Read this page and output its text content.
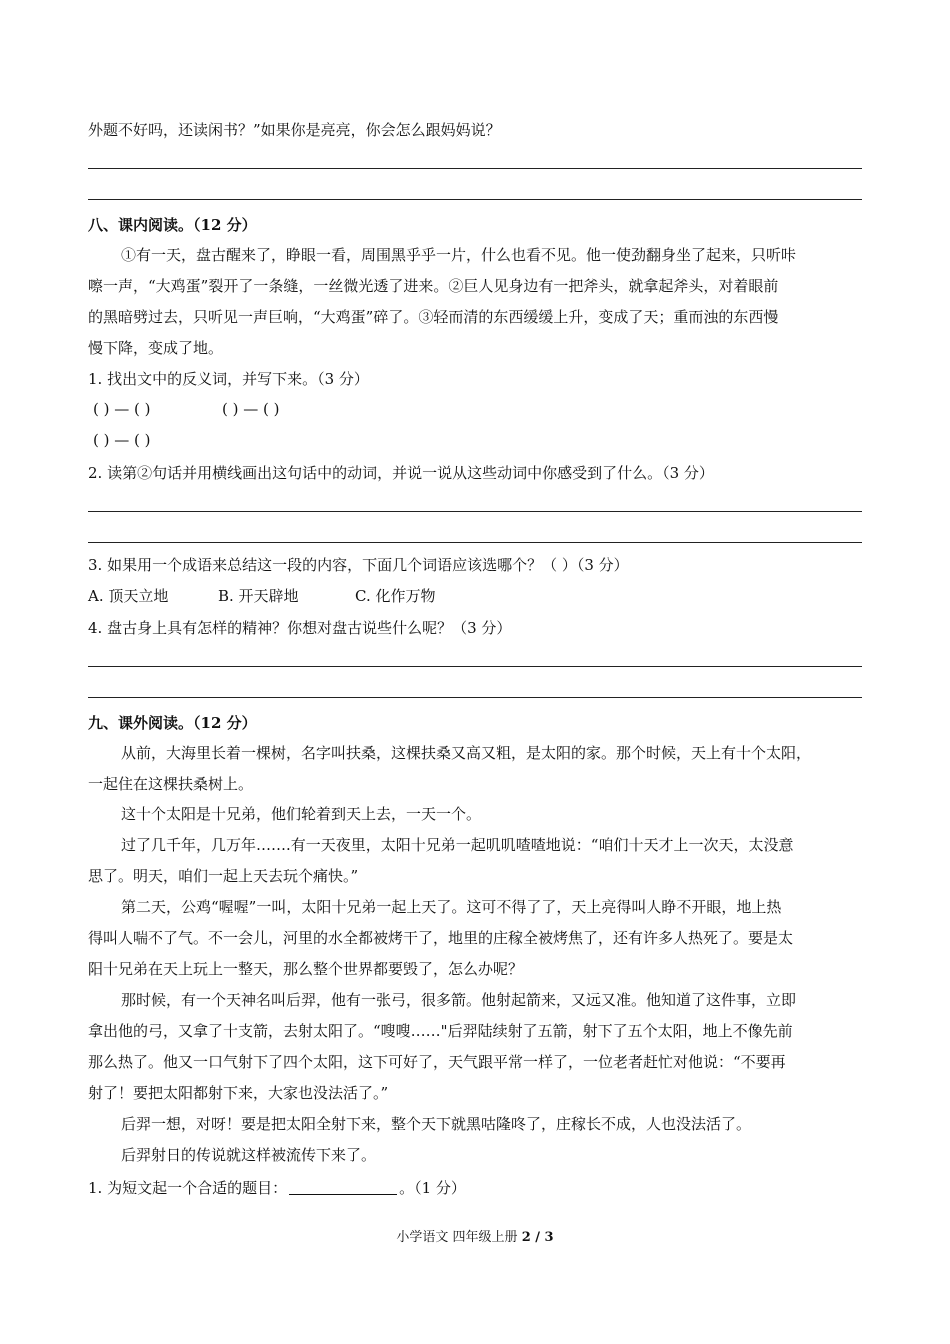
外题不好吗，还读闲书？”如果你是亮亮，你会怎么跟妈妈说？
八、课内阅读。（12 分）
①有一天，盘古醒来了，睁眼一看，周围黑乎乎一片，什么也看不见。他一使劲翻身坐了起来，只听咔
嚓一声，“大鸡蛋”裂开了一条缝，一丝微光透了进来。②巨人见身边有一把斧头，就拿起斧头，对着眼前
的黑暗劈过去，只听见一声巨响，“大鸡蛋”碎了。③轻而清的东西缓缓上升，变成了天；重而浊的东西慢
慢下降，变成了地。
1. 找出文中的反义词，并写下来。（3 分）
( ) — ( )	( ) — ( )
( ) — ( )
2. 读第②句话并用横线画出这句话中的动词，并说一说从这些动词中你感受到了什么。（3 分）
3. 如果用一个成语来总结这一段的内容，下面几个词语应该选哪个？（ ）（3 分）
A. 顶天立地	B. 开天辟地	C. 化作万物
4. 盘古身上具有怎样的精神？你想对盘古说些什么呢？（3 分）
九、课外阅读。（12 分）
从前，大海里长着一棵树，名字叫扶桑，这棵扶桑又高又粗，是太阳的家。那个时候，天上有十个太阳，
一起住在这棵扶桑树上。
这十个太阳是十兄弟，他们轮着到天上去，一天一个。
过了几千年，几万年…….有一天夜里，太阳十兄弟一起叽叽喳喳地说：“咱们十天才上一次天，太没意
思了。明天，咱们一起上天去玩个痛快。”
第二天，公鸡“喔喔”一叫，太阳十兄弟一起上天了。这可不得了了，天上亮得叫人睁不开眼，地上热
得叫人喘不了气。不一会儿，河里的水全都被烤干了，地里的庄稼全被烤焦了，还有许多人热死了。要是太
阳十兄弟在天上玩上一整天，那么整个世界都要毁了，怎么办呢？
那时候，有一个天神名叫后羿，他有一张弓，很多箭。他射起箭来，又远又准。他知道了这件事，立即
拿出他的弓，又拿了十支箭，去射太阳了。“嗖嗖……"后羿陆续射了五箭，射下了五个太阳，地上不像先前
那么热了。他又一口气射下了四个太阳，这下可好了，天气跟平常一样了，一位老者赶忙对他说：“不要再
射了！要把太阳都射下来，大家也没法活了。”
后羿一想，对呀！要是把太阳全射下来，整个天下就黑咕隆咚了，庄稼长不成，人也没法活了。
后羿射日的传说就这样被流传下来了。
1. 为短文起一个合适的题目：	。（1 分）
小学语文 四年级上册 2 / 3
